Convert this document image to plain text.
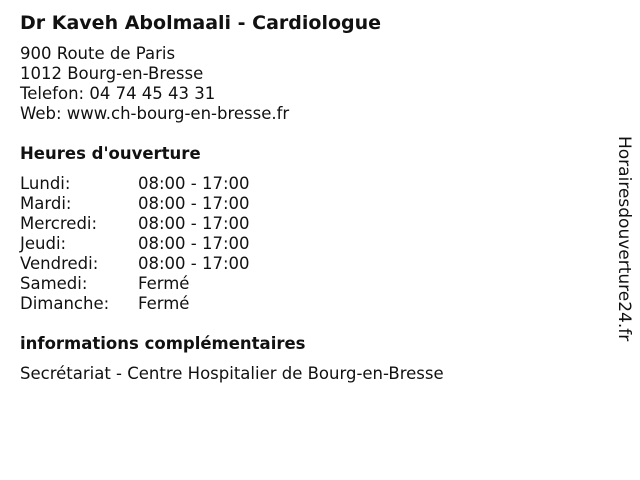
Dr Kaveh Abolmaali - Cardiologue
900 Route de Paris
1012 Bourg-en-Bresse
Telefon: 04 74 45 43 31
Web: www.ch-bourg-en-bresse.fr
Heures d'ouverture
Lundi:	08:00 - 17:00
Mardi:	08:00 - 17:00
Mercredi:	08:00 - 17:00
Jeudi:	08:00 - 17:00
Vendredi:	08:00 - 17:00
Samedi:	Fermé
Dimanche:	Fermé
informations complémentaires
Secrétariat - Centre Hospitalier de Bourg-en-Bresse
Horairesdouverture24.fr
